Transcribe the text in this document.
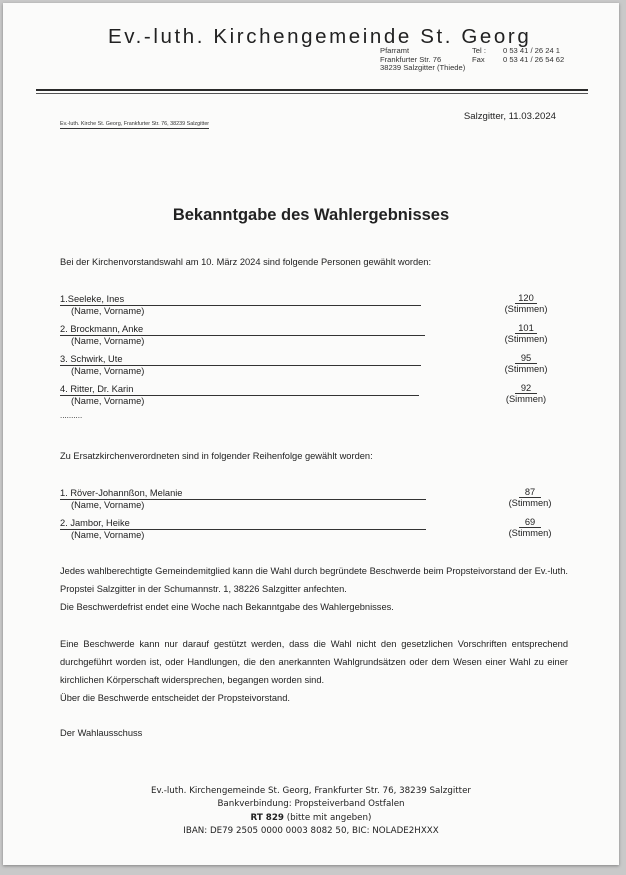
Ev.-luth. Kirchengemeinde St. Georg
Pfarramt
Frankfurter Str. 76
38239 Salzgitter (Thiede)
Tel :
Fax
0 53 41 / 26 24 1
0 53 41 / 26 54 62
Ev.-luth. Kirche St. Georg, Frankfurter Str. 76, 38239 Salzgitter
Salzgitter, 11.03.2024
Bekanntgabe des Wahlergebnisses
Bei der Kirchenvorstandswahl am 10. März 2024 sind folgende Personen gewählt worden:
1.Seeleke, Ines
(Name, Vorname)
2. Brockmann, Anke
(Name, Vorname)
3. Schwirk, Ute
(Name, Vorname)
4. Ritter, Dr. Karin
(Name, Vorname)
120
(Stimmen)
101
(Stimmen)
95
(Stimmen)
92
(Simmen)
..........
Zu Ersatzkirchenverordneten sind in folgender Reihenfolge gewählt worden:
1. Röver-Johannßon, Melanie
(Name, Vorname)
2. Jambor, Heike
(Name, Vorname)
87
(Stimmen)
69
(Stimmen)
Jedes wahlberechtigte Gemeindemitglied kann die Wahl durch begründete Beschwerde beim Propsteivorstand der Ev.-luth. Propstei Salzgitter in der Schumannstr. 1, 38226 Salzgitter anfechten.
Die Beschwerdefrist endet eine Woche nach Bekanntgabe des Wahlergebnisses.
Eine Beschwerde kann nur darauf gestützt werden, dass die Wahl nicht den gesetzlichen Vorschriften entsprechend durchgeführt worden ist, oder Handlungen, die den anerkannten Wahlgrundsätzen oder dem Wesen einer Wahl zu einer kirchlichen Körperschaft widersprechen, begangen worden sind.
Über die Beschwerde entscheidet der Propsteivorstand.
Der Wahlausschuss
Ev.-luth. Kirchengemeinde St. Georg, Frankfurter Str. 76, 38239 Salzgitter
Bankverbindung: Propsteiverband Ostfalen
RT 829 (bitte mit angeben)
IBAN: DE79 2505 0000 0003 8082 50, BIC: NOLADE2HXXX
